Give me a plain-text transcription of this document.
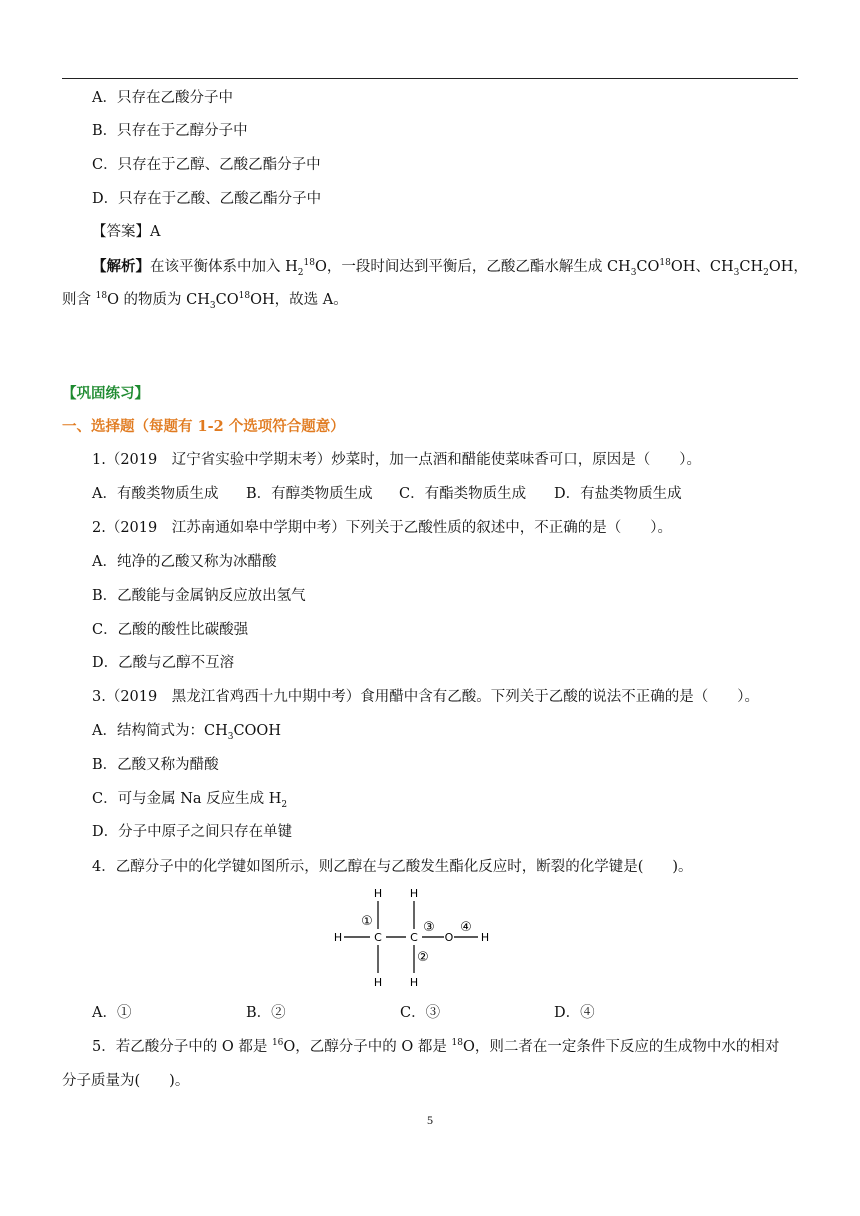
A．只存在乙酸分子中
B．只存在于乙醇分子中
C．只存在于乙醇、乙酸乙酯分子中
D．只存在于乙酸、乙酸乙酯分子中
【答案】A
【解析】在该平衡体系中加入 $H_2^{18}O$，一段时间达到平衡后，乙酸乙酯水解生成 $CH_3CO^{18}OH$、$CH_3CH_2OH$，
则含 $^{18}$O 的物质为 $CH_3CO^{18}OH$，故选 A。
【巩固练习】
一、选择题（每题有 1-2 个选项符合题意）
1.（2019　辽宁省实验中学期末考）炒菜时，加一点酒和醋能使菜味香可口，原因是（　　）。
A．有酸类物质生成	B．有醇类物质生成	C．有酯类物质生成	D．有盐类物质生成
2.（2019　江苏南通如皋中学期中考）下列关于乙酸性质的叙述中，不正确的是（　　）。
A．纯净的乙酸又称为冰醋酸
B．乙酸能与金属钠反应放出氢气
C．乙酸的酸性比碳酸强
D．乙酸与乙醇不互溶
3.（2019　黑龙江省鸡西十九中期中考）食用醋中含有乙酸。下列关于乙酸的说法不正确的是（　　）。
A．结构简式为：$CH_3COOH$
B．乙酸又称为醋酸
C．可与金属 Na 反应生成 $H_2$
D．分子中原子之间只存在单键
4．乙醇分子中的化学键如图所示，则乙醇在与乙酸发生酯化反应时，断裂的化学键是(　　)。
H	H
H	C	C O	H
H	H
①
②
③ ④
A．①	B．②	C．③	D．④
5．若乙酸分子中的 O 都是 $^{16}$O，乙醇分子中的 O 都是 $^{18}$O，则二者在一定条件下反应的生成物中水的相对
分子质量为(　　)。
5
